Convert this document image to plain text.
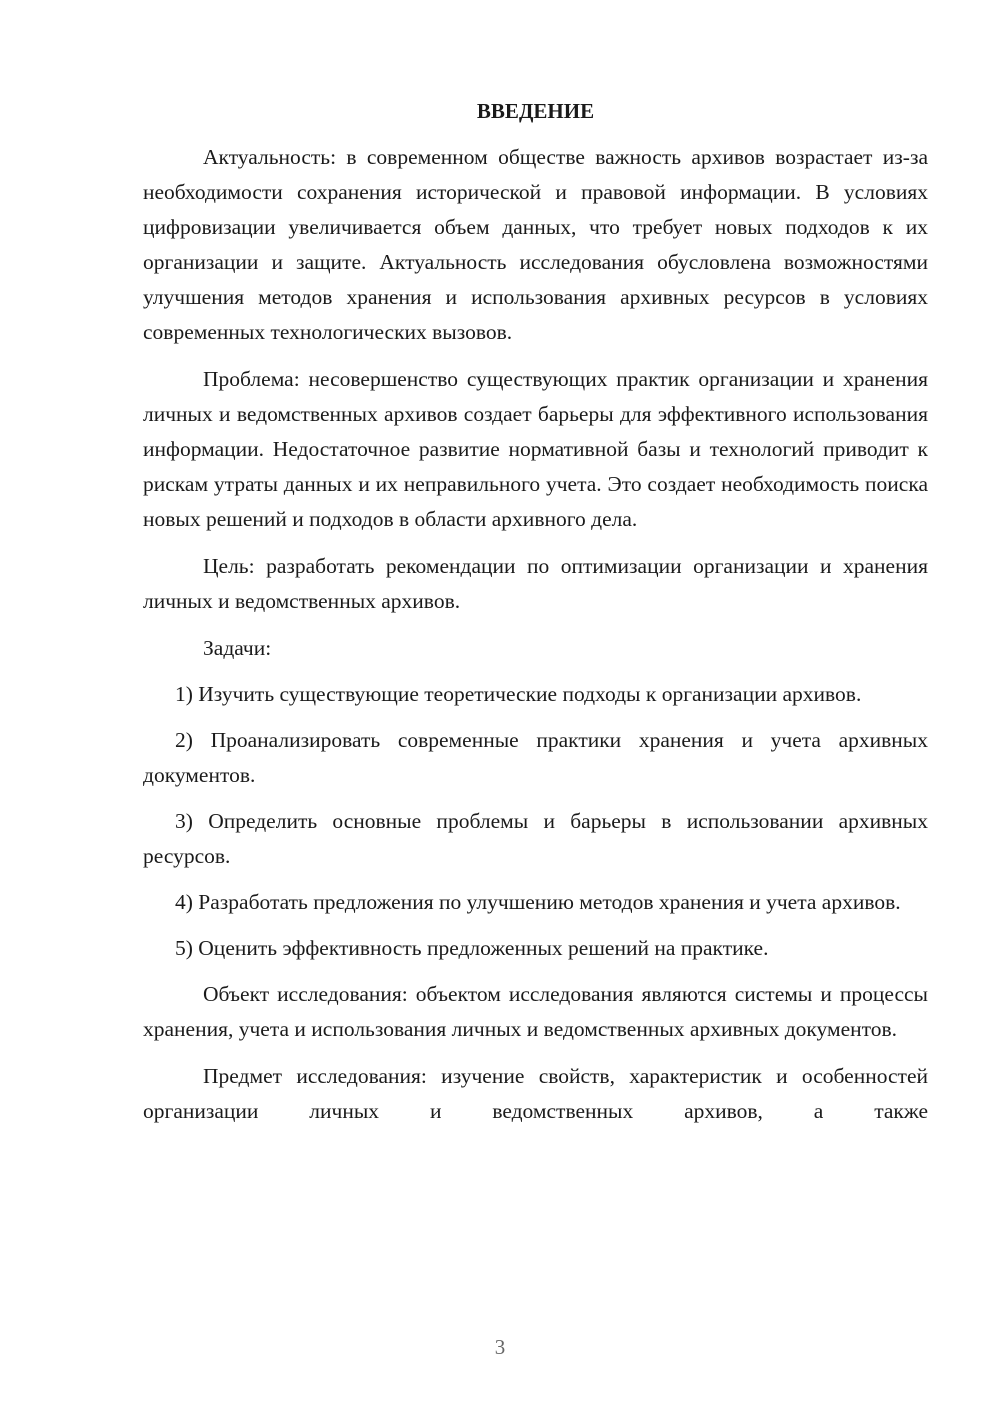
ВВЕДЕНИЕ

Актуальность: в современном обществе важность архивов возрастает из-за необходимости сохранения исторической и правовой информации. В условиях цифровизации увеличивается объем данных, что требует новых подходов к их организации и защите. Актуальность исследования обусловлена возможностями улучшения методов хранения и использования архивных ресурсов в условиях современных технологических вызовов.

Проблема: несовершенство существующих практик организации и хранения личных и ведомственных архивов создает барьеры для эффективного использования информации. Недостаточное развитие нормативной базы и технологий приводит к рискам утраты данных и их неправильного учета. Это создает необходимость поиска новых решений и подходов в области архивного дела.

Цель: разработать рекомендации по оптимизации организации и хранения личных и ведомственных архивов.

Задачи:

1) Изучить существующие теоретические подходы к организации архивов.

2) Проанализировать современные практики хранения и учета архивных документов.

3) Определить основные проблемы и барьеры в использовании архивных ресурсов.

4) Разработать предложения по улучшению методов хранения и учета архивов.

5) Оценить эффективность предложенных решений на практике.

Объект исследования: объектом исследования являются системы и процессы хранения, учета и использования личных и ведомственных архивных документов.

Предмет исследования: изучение свойств, характеристик и особенностей организации личных и ведомственных архивов, а также

3
